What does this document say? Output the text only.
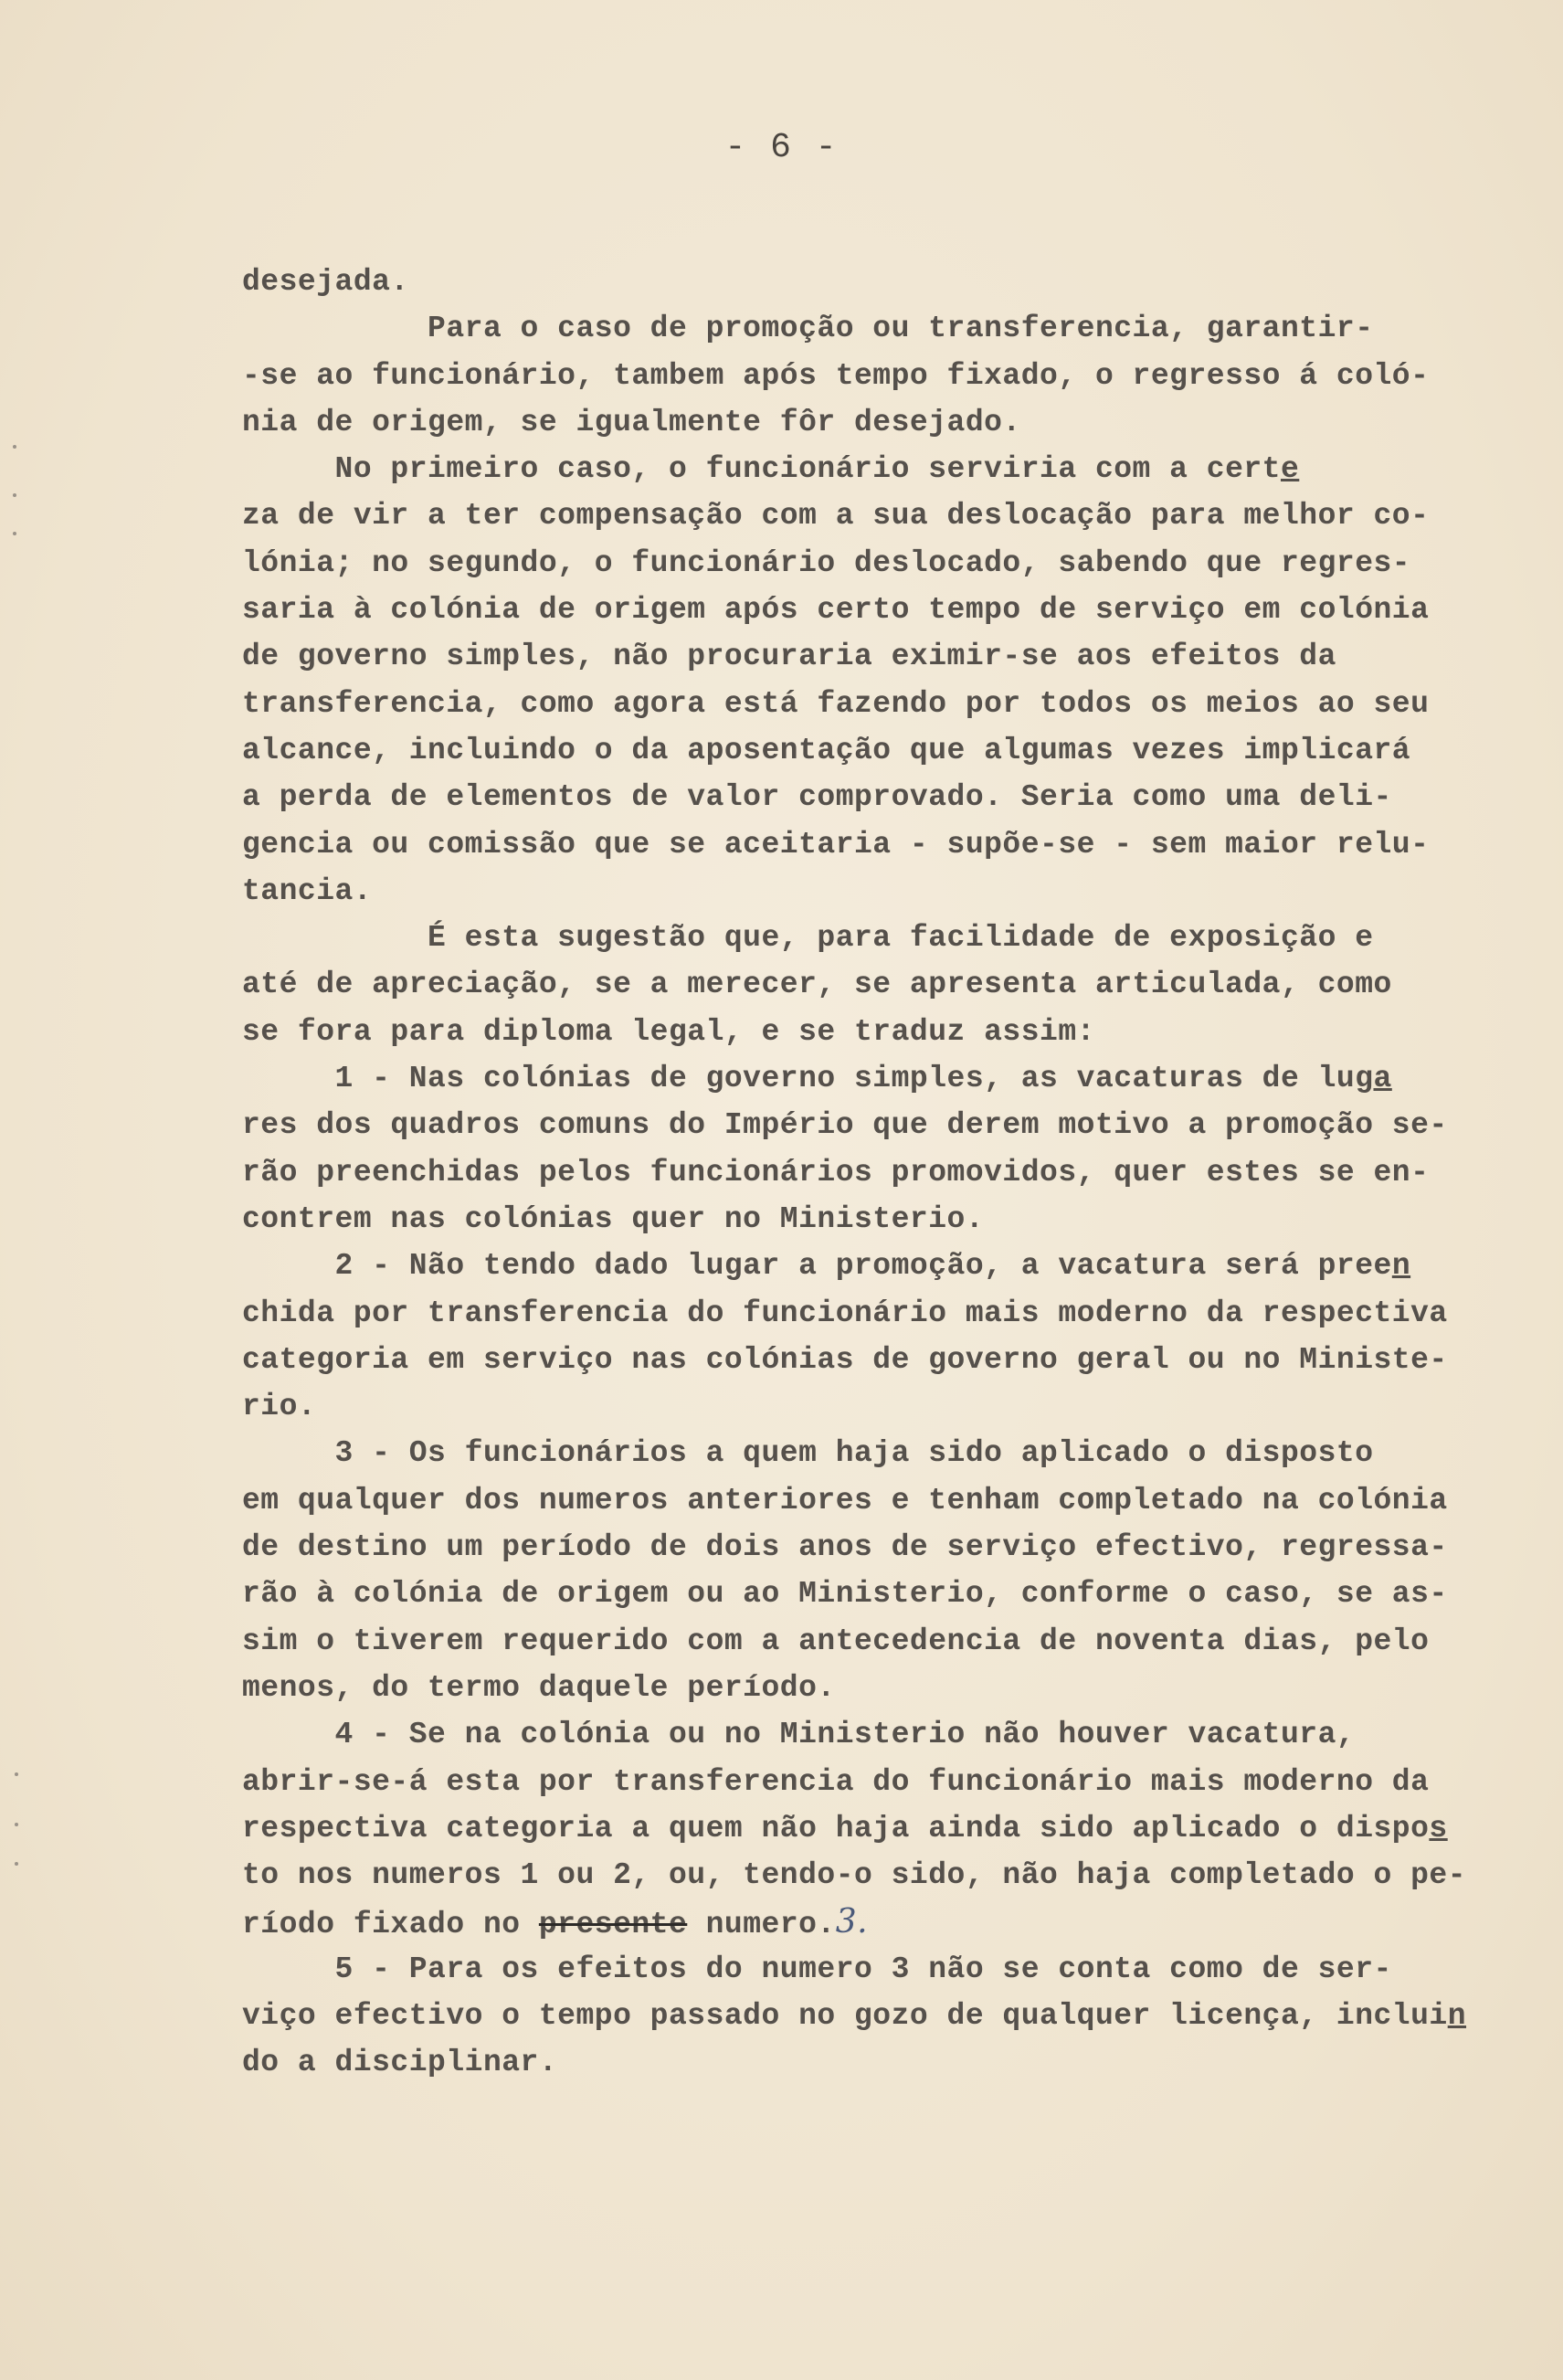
- 6 -
desejada.
Para o caso de promoção ou transferencia, garantir-
-se ao funcionário, tambem após tempo fixado, o regresso á coló-
nia de origem, se igualmente fôr desejado.
No primeiro caso, o funcionário serviria com a certe
za de vir a ter compensação com a sua deslocação para melhor co-
lónia; no segundo, o funcionário deslocado, sabendo que regres-
saria à colónia de origem após certo tempo de serviço em colónia
de governo simples, não procuraria eximir-se aos efeitos da
transferencia, como agora está fazendo por todos os meios ao seu
alcance, incluindo o da aposentação que algumas vezes implicará
a perda de elementos de valor comprovado. Seria como uma deli-
gencia ou comissão que se aceitaria - supõe-se - sem maior relu-
tancia.
É esta sugestão que, para facilidade de exposição e
até de apreciação, se a merecer, se apresenta articulada, como
se fora para diploma legal, e se traduz assim:
1 - Nas colónias de governo simples, as vacaturas de luga
res dos quadros comuns do Império que derem motivo a promoção se-
rão preenchidas pelos funcionários promovidos, quer estes se en-
contrem nas colónias quer no Ministerio.
2 - Não tendo dado lugar a promoção, a vacatura será preen
chida por transferencia do funcionário mais moderno da respectiva
categoria em serviço nas colónias de governo geral ou no Ministe-
rio.
3 - Os funcionários a quem haja sido aplicado o disposto
em qualquer dos numeros anteriores e tenham completado na colónia
de destino um período de dois anos de serviço efectivo, regressa-
rão à colónia de origem ou ao Ministerio, conforme o caso, se as-
sim o tiverem requerido com a antecedencia de noventa dias, pelo
menos, do termo daquele período.
4 - Se na colónia ou no Ministerio não houver vacatura,
abrir-se-á esta por transferencia do funcionário mais moderno da
respectiva categoria a quem não haja ainda sido aplicado o dispos
to nos numeros 1 ou 2, ou, tendo-o sido, não haja completado o pe-
ríodo fixado no presente numero.3.
5 - Para os efeitos do numero 3 não se conta como de ser-
viço efectivo o tempo passado no gozo de qualquer licença, incluin
do a disciplinar.
